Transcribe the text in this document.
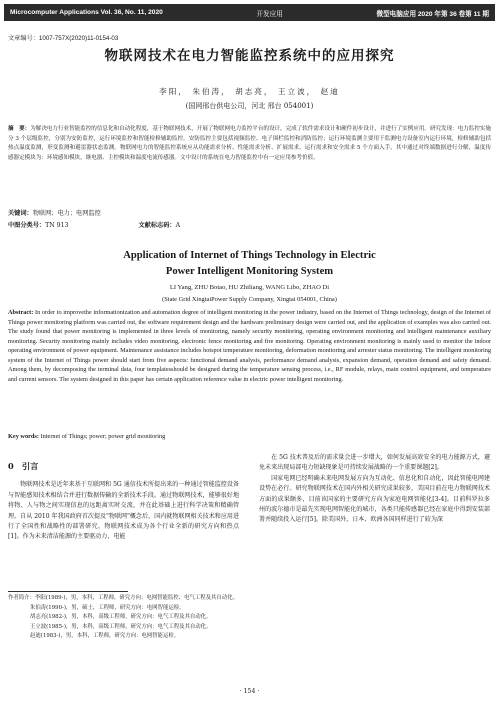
Microcomputer Applications Vol. 36, No. 11, 2020	开发应用	微型电脑应用 2020 年第 36 卷第 11 期
文章编号：1007-757X(2020)11-0154-03
物联网技术在电力智能监控系统中的应用探究
李阳， 朱伯涛， 胡志亮， 王立波， 赵迪
(国网邢台供电公司，河北 邢台 054001)
摘　要：为解决电力行业智能监控的信息化和自动化程度，基于物联网技术，开展了物联网电力监控平台的设计，完成了软件需求设计和硬件初步设计，并进行了实例应用。研究发现：电力监控实施分 3 个层级监控，分别为安防监控，运行环境监控和智能检修辅助监控。安防监控主要包括视频监控、电子围栏监控和消防监控；运行环境监测主要用于监测电力设备室内运行环境，检修辅助包括热点温度监测，形变监测和避雷器状态监测。物联网电力的智能监控系统应从功能需求分析、性能需求分析、扩展需求、运行需求和安全需求 5 个方面入手，其中通过对终端数据进行分解，温度传感器定模块为：环境感知模块，继电器、主控模块和温度电流传感器。文中设计的系统在电力智能监控中有一定应用参考价值。
关键词：物联网；电力；电网监控
中图分类号：TN 913	文献标志码：A
Application of Internet of Things Technology in Electric
Power Intelligent Monitoring System
LI Yang, ZHU Botao, HU Zhiliang, WANG Libo, ZHAO Di
(State Grid XingtaiPower Supply Company, Xingtai 054001, China)
Abstract: In order to improvethe informationization and automation degree of intelligent monitoring in the power industry, based on the Internet of Things technology, design of the Internet of Things power monitoring platform was carried out, the software requirement design and the hardware preliminary design were carried out, and the application of examples was also carried out. The study found that power monitoring is implemented in three levels of monitoring, namely security monitoring, operating environment monitoring and intelligent maintenance auxiliary monitoring. Security monitoring mainly includes video monitoring, electronic fence monitoring and fire monitoring. Operating environment monitoring is mainly used to monitor the indoor operating environment of power equipment. Maintenance assistance includes hotspot temperature monitoring, deformation monitoring and arrester status monitoring. The intelligent monitoring system of the Internet of Things power should start from five aspects: functional demand analysis, performance demand analysis, expansion demand, operation demand and safety demand. Among them, by decomposing the terminal data, four templatesshould be designed during the temperature sensing process, i.e., RF module, relays, main control equipment, and temperature and current sensors. The system designed in this paper has certain application reference value in electric power intelligent monitoring.
Key words: Internet of Things; power; power grid monitoring
0　引言

物联网技术是近年来基于互联网和 5G 通信技术所提出来的一种通过智能监控设备与智能感知技术相结合并进行数据传输的全新技术手段。通过物联网技术，能够很好地将物、人与物之间实现信息的远距离实时交流，并在此基础上进行科学决策和精确管理。自从 2010 年我国政府首次提及"物联网"概念后，国内就物联网相关技术和应用进行了全国性和战略性的部署研究，物联网技术成为各个行业全新的研究方向和热点[1]。作为未来清洁能源的主要驱动力，电能

在 5G 技术普及后的需求量会进一步增大，如何发展高效安全的电力能源方式，避免未来出现局部电力短缺现象是可持续发展战略的一个重要课题[2]。

国家电网已经明确未来电网发展方向为互动化、信息化和自动化，因此智能电网建设势在必行。研究物联网技术在国内外相关研究成果较多，美国目前在电力物联网技术方面的成果颇多，目前该国家的主要研究方向为家庭电网智能化[3-4]。目前科罗拉多州的波尔德市是最先实现电网智能化的城市，各类只能传感器已经在家庭中得到安装部署并随续投入运行[5]。除美国外，日本、欧洲各国同样进行了较为深

作者简介：李阳(1989-)，男，本科，工程师，研究方向：电网智能监控、电气工程及其自动化。

朱伯涛(1990-)，男，硕士，工程师，研究方向：电网智能运检。

胡志亮(1982-)，男，本科，高级工程师，研究方向：电气工程及其自动化。

王立波(1985-)，男，本科，高级工程师，研究方向：电气工程及其自动化。

赵迪(1983-)，男，本科，工程师，研究方向：电网智能运检。

· 154 ·
